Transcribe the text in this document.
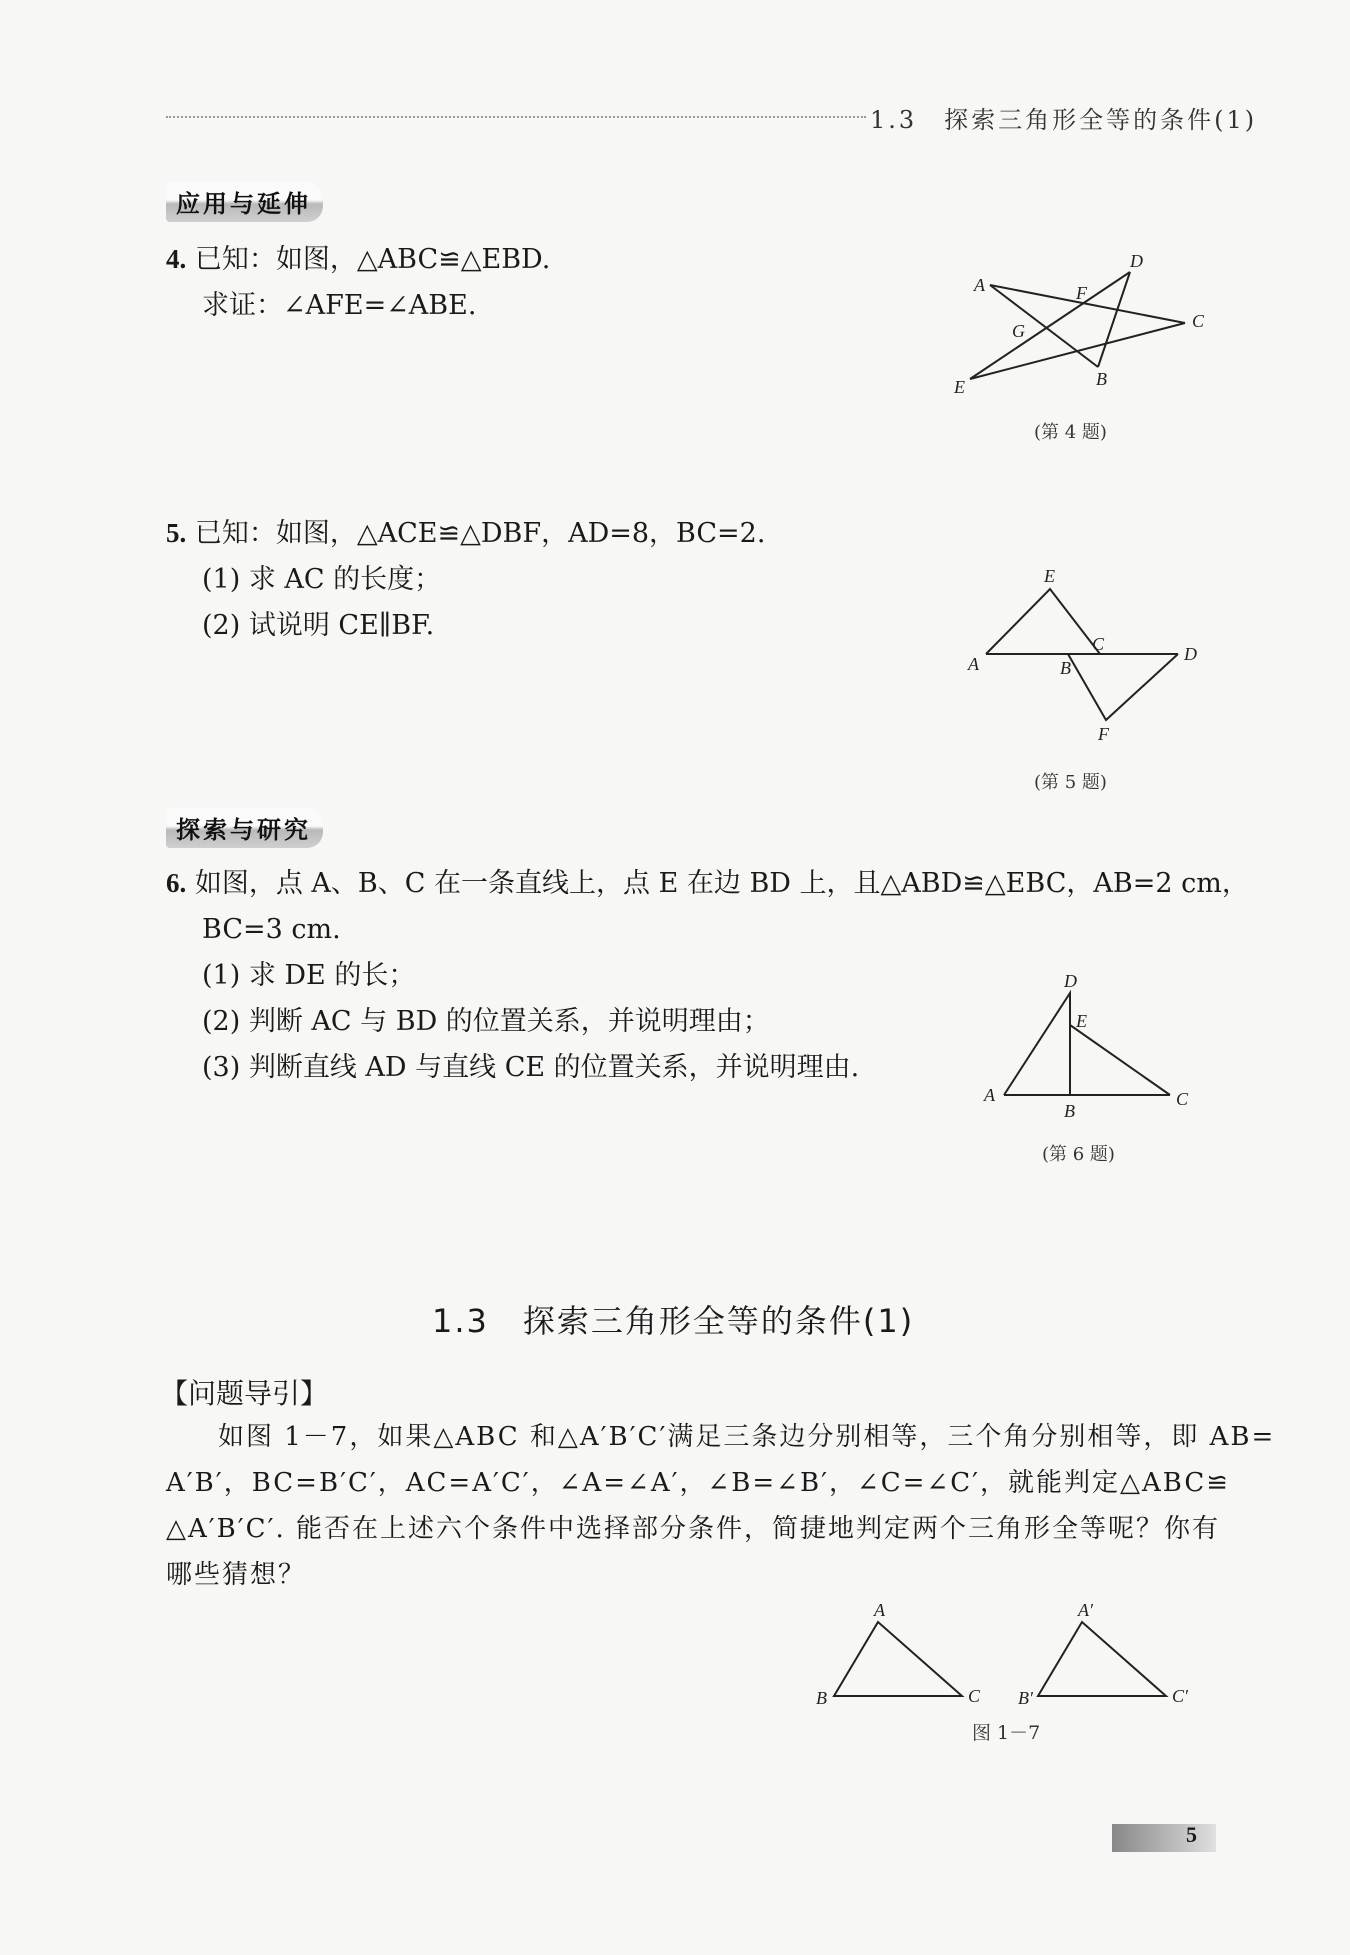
1.3　探索三角形全等的条件(1)
应用与延伸
4. 已知：如图，△ABC≌△EBD.
求证：∠AFE=∠ABE.
A
D
F
C
G
B
E
(第 4 题)
5. 已知：如图，△ACE≌△DBF，AD=8，BC=2.
(1) 求 AC 的长度；
(2) 试说明 CE∥BF.
E
A	B
C	D
F
(第 5 题)
探索与研究
6. 如图，点 A、B、C 在一条直线上，点 E 在边 BD 上，且△ABD≌△EBC，AB=2 cm，
BC=3 cm.
(1) 求 DE 的长；
(2) 判断 AC 与 BD 的位置关系，并说明理由；
(3) 判断直线 AD 与直线 CE 的位置关系，并说明理由.
D
E
A
B
C
(第 6 题)
1.3　探索三角形全等的条件(1)
【问题导引】
如图 1－7，如果△ABC 和△A′B′C′满足三条边分别相等，三个角分别相等，即 AB=
A′B′，BC=B′C′，AC=A′C′，∠A=∠A′，∠B=∠B′，∠C=∠C′，就能判定△ABC≌
△A′B′C′. 能否在上述六个条件中选择部分条件，简捷地判定两个三角形全等呢？你有
哪些猜想？
A
B	C
A′
B′	C′
图 1－7
5
